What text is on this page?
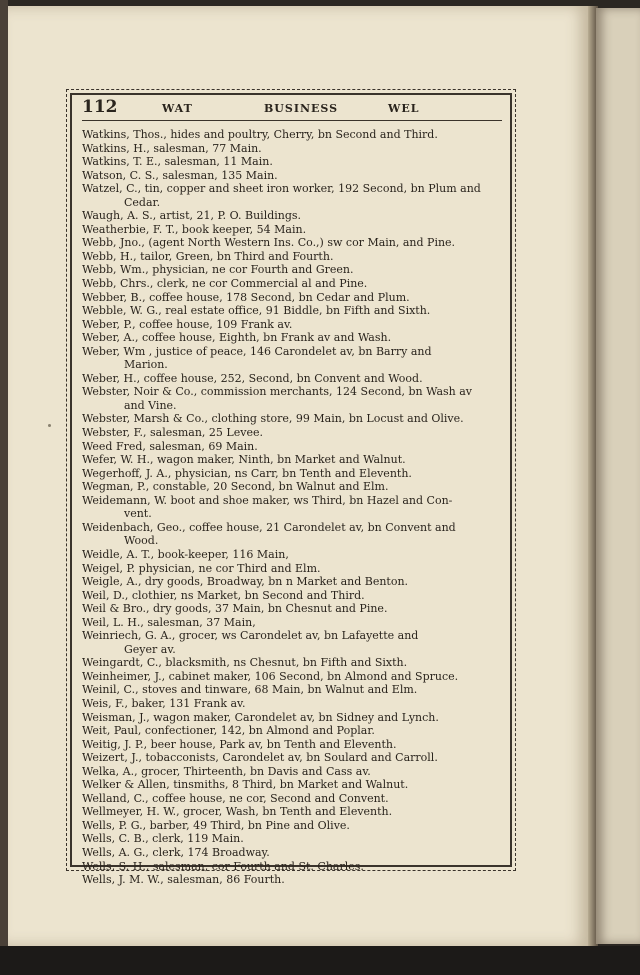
112	WAT	BUSINESS	WEL
Watkins, Thos., hides and poultry, Cherry, bn Second and Third.
Watkins, H., salesman, 77 Main.
Watkins, T. E., salesman, 11 Main.
Watson, C. S., salesman, 135 Main.
Watzel, C., tin, copper and sheet iron worker, 192 Second, bn Plum and
Cedar.
Waugh, A. S., artist, 21, P. O. Buildings.
Weatherbie, F. T., book keeper, 54 Main.
Webb, Jno., (agent North Western Ins. Co.,) sw cor Main, and Pine.
Webb, H., tailor, Green, bn Third and Fourth.
Webb, Wm., physician, ne cor Fourth and Green.
Webb, Chrs., clerk, ne cor Commercial al and Pine.
Webber, B., coffee house, 178 Second, bn Cedar and Plum.
Webble, W. G., real estate office, 91 Biddle, bn Fifth and Sixth.
Weber, P., coffee house, 109 Frank av.
Weber, A., coffee house, Eighth, bn Frank av and Wash.
Weber, Wm , justice of peace, 146 Carondelet av, bn Barry and
Marion.
Weber, H., coffee house, 252, Second, bn Convent and Wood.
Webster, Noir & Co., commission merchants, 124 Second, bn Wash av
and Vine.
Webster, Marsh & Co., clothing store, 99 Main, bn Locust and Olive.
Webster, F., salesman, 25 Levee.
Weed Fred, salesman, 69 Main.
Wefer, W. H., wagon maker, Ninth, bn Market and Walnut.
Wegerhoff, J. A., physician, ns Carr, bn Tenth and Eleventh.
Wegman, P., constable, 20 Second, bn Walnut and Elm.
Weidemann, W. boot and shoe maker, ws Third, bn Hazel and Con-
vent.
Weidenbach, Geo., coffee house, 21 Carondelet av, bn Convent and
Wood.
Weidle, A. T., book-keeper, 116 Main,
Weigel, P. physician, ne cor Third and Elm.
Weigle, A., dry goods, Broadway, bn n Market and Benton.
Weil, D., clothier, ns Market, bn Second and Third.
Weil & Bro., dry goods, 37 Main, bn Chesnut and Pine.
Weil, L. H., salesman, 37 Main,
Weinriech, G. A., grocer, ws Carondelet av, bn Lafayette and
Geyer av.
Weingardt, C., blacksmith, ns Chesnut, bn Fifth and Sixth.
Weinheimer, J., cabinet maker, 106 Second, bn Almond and Spruce.
Weinil, C., stoves and tinware, 68 Main, bn Walnut and Elm.
Weis, F., baker, 131 Frank av.
Weisman, J., wagon maker, Carondelet av, bn Sidney and Lynch.
Weit, Paul, confectioner, 142, bn Almond and Poplar.
Weitig, J. P., beer house, Park av, bn Tenth and Eleventh.
Weizert, J., tobacconists, Carondelet av, bn Soulard and Carroll.
Welka, A., grocer, Thirteenth, bn Davis and Cass av.
Welker & Allen, tinsmiths, 8 Third, bn Market and Walnut.
Welland, C., coffee house, ne cor, Second and Convent.
Wellmeyer, H. W., grocer, Wash, bn Tenth and Eleventh.
Wells, P. G., barber, 49 Third, bn Pine and Olive.
Wells, C. B., clerk, 119 Main.
Wells, A. G., clerk, 174 Broadway.
Wells, S. H., salesman, cor Fourth and St. Charles.
Wells, J. M. W., salesman, 86 Fourth.
